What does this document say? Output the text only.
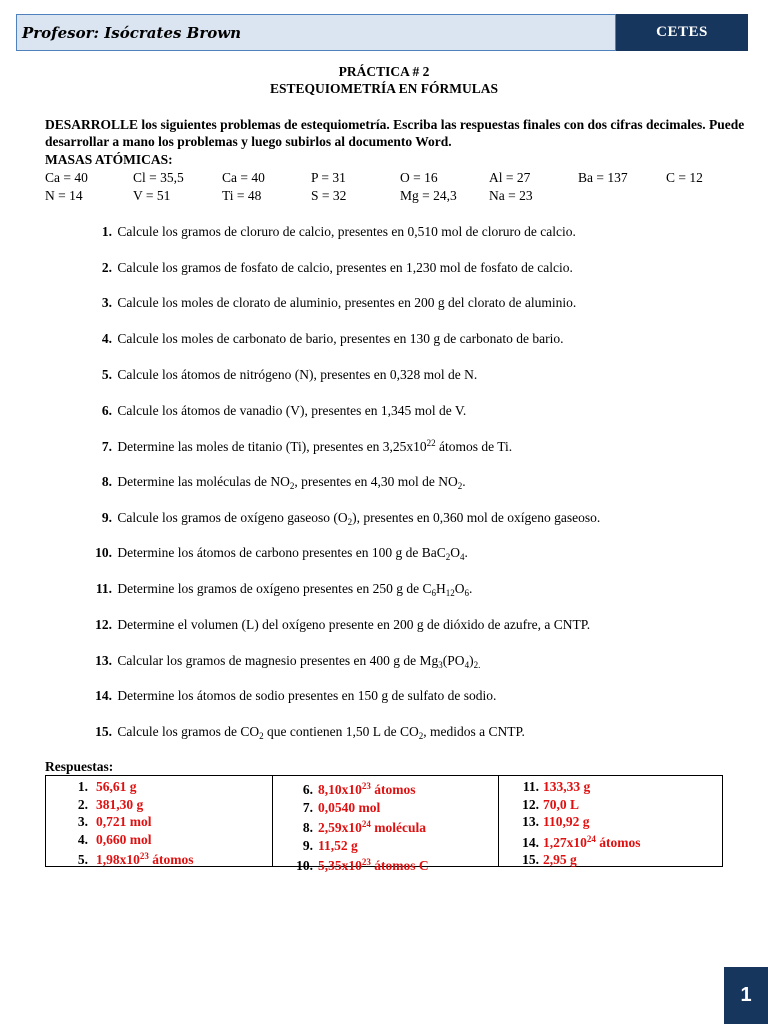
Profesor: Isócrates Brown	CETES
PRÁCTICA # 2
ESTEQUIOMETRÍA EN FÓRMULAS
DESARROLLE los siguientes problemas de estequiometría. Escriba las respuestas finales con dos cifras decimales. Puede desarrollar a mano los problemas y luego subirlos al documento Word.
MASAS ATÓMICAS:
Ca = 40	Cl = 35,5	Ca = 40	P = 31	O = 16	Al = 27	Ba = 137	C = 12
N = 14	V = 51	Ti = 48	S = 32	Mg = 24,3 Na = 23
1. Calcule los gramos de cloruro de calcio, presentes en 0,510 mol de cloruro de calcio.
2. Calcule los gramos de fosfato de calcio, presentes en 1,230 mol de fosfato de calcio.
3. Calcule los moles de clorato de aluminio, presentes en 200 g del clorato de aluminio.
4. Calcule los moles de carbonato de bario, presentes en 130 g de carbonato de bario.
5. Calcule los átomos de nitrógeno (N), presentes en 0,328 mol de N.
6. Calcule los átomos de vanadio (V), presentes en 1,345 mol de V.
7. Determine las moles de titanio (Ti), presentes en $3,25x10^{22}$ átomos de Ti.
8. Determine las moléculas de $NO_2$, presentes en 4,30 mol de $NO_2$.
9. Calcule los gramos de oxígeno gaseoso $(O_2)$, presentes en 0,360 mol de oxígeno gaseoso.
10. Determine los átomos de carbono presentes en 100 g de $BaC_2O_4$.
11. Determine los gramos de oxígeno presentes en 250 g de $C_6H_{12}O_6$.
12. Determine el volumen (L) del oxígeno presente en 200 g de dióxido de azufre, a CNTP.
13. Calcular los gramos de magnesio presentes en 400 g de $Mg_3(PO_4)_{2.}$
14. Determine los átomos de sodio presentes en 150 g de sulfato de sodio.
15. Calcule los gramos de $CO_2$ que contienen 1,50 L de $CO_2$, medidos a CNTP.
Respuestas:
1. 56,61 g
2. 381,30 g
3. 0,721 mol
4. 0,660 mol
5. $1,98x10^{23}$ átomos
6. $8,10x10^{23}$ átomos
7. 0,0540 mol
8. $2,59x10^{24}$ molécula
9. 11,52 g
10. $5,35x10^{23}$ átomos C
11. 133,33 g
12. 70,0 L
13. 110,92 g
14. $1,27x10^{24}$ átomos
15. 2,95 g
1
